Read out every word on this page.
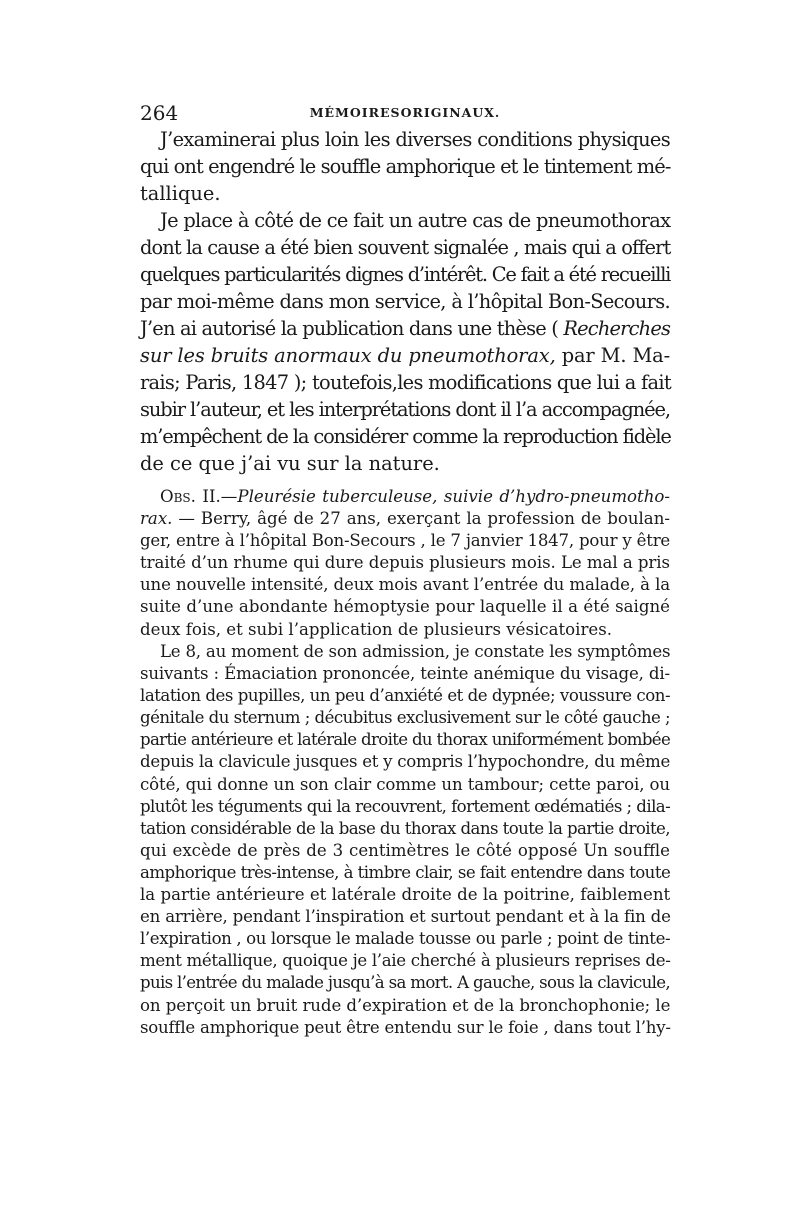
264	MÉMOIRESORIGINAUX.
J’examinerai plus loin les diverses conditions physiques
qui ont engendré le souffle amphorique et le tintement mé-
tallique.
Je place à côté de ce fait un autre cas de pneumothorax
dont la cause a été bien souvent signalée , mais qui a offert
quelques particularités dignes d’intérêt. Ce fait a été recueilli
par moi-même dans mon service, à l’hôpital Bon-Secours.
J’en ai autorisé la publication dans une thèse ( Recherches
sur les bruits anormaux du pneumothorax, par M. Ma-
rais; Paris, 1847 ); toutefois,les modifications que lui a fait
subir l’auteur, et les interprétations dont il l’a accompagnée,
m’empêchent de la considérer comme la reproduction fidèle
de ce que j’ai vu sur la nature.
Obs. II.—Pleurésie tuberculeuse, suivie d’hydro-pneumotho-
rax. — Berry, âgé de 27 ans, exerçant la profession de boulan-
ger, entre à l’hôpital Bon-Secours , le 7 janvier 1847, pour y être
traité d’un rhume qui dure depuis plusieurs mois. Le mal a pris
une nouvelle intensité, deux mois avant l’entrée du malade, à la
suite d’une abondante hémoptysie pour laquelle il a été saigné
deux fois, et subi l’application de plusieurs vésicatoires.
Le 8, au moment de son admission, je constate les symptômes
suivants : Émaciation prononcée, teinte anémique du visage, di-
latation des pupilles, un peu d’anxiété et de dypnée; voussure con-
génitale du sternum ; décubitus exclusivement sur le côté gauche ;
partie antérieure et latérale droite du thorax uniformément bombée
depuis la clavicule jusques et y compris l’hypochondre, du même
côté, qui donne un son clair comme un tambour; cette paroi, ou
plutôt les téguments qui la recouvrent, fortement œdématiés ; dila-
tation considérable de la base du thorax dans toute la partie droite,
qui excède de près de 3 centimètres le côté opposé Un souffle
amphorique très-intense, à timbre clair, se fait entendre dans toute
la partie antérieure et latérale droite de la poitrine, faiblement
en arrière, pendant l’inspiration et surtout pendant et à la fin de
l’expiration , ou lorsque le malade tousse ou parle ; point de tinte-
ment métallique, quoique je l’aie cherché à plusieurs reprises de-
puis l’entrée du malade jusqu’à sa mort. A gauche, sous la clavicule,
on perçoit un bruit rude d’expiration et de la bronchophonie; le
souffle amphorique peut être entendu sur le foie , dans tout l’hy-
